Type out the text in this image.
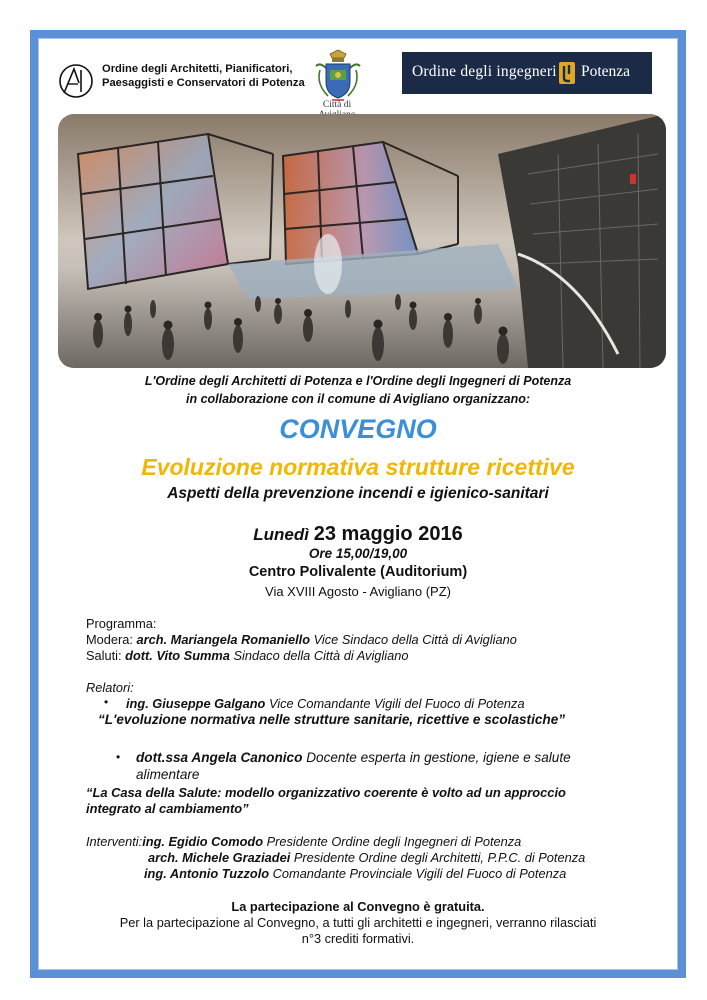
Ordine degli Architetti, Pianificatori,
Paesaggisti e Conservatori di Potenza
Città di
Ordine degli ingegneri Potenza
L'Ordine degli Architetti di Potenza e l'Ordine degli Ingegneri di Potenza
in collaborazione con il comune di Avigliano organizzano:
CONVEGNO
Evoluzione normativa strutture ricettive
Aspetti della prevenzione incendi e igienico-sanitari
Lunedì 23 maggio 2016
Ore 15,00/19,00
Centro Polivalente (Auditorium)
Via XVIII Agosto - Avigliano (PZ)
Programma:
Modera: arch. Mariangela Romaniello Vice Sindaco della Città di Avigliano
Saluti: dott. Vito Summa Sindaco della Città di Avigliano
Relatori:
• ing. Giuseppe Galgano Vice Comandante Vigili del Fuoco di Potenza
“L'evoluzione normativa nelle strutture sanitarie, ricettive e scolastiche”
• dott.ssa Angela Canonico Docente esperta in gestione, igiene e salute
alimentare
“La Casa della Salute: modello organizzativo coerente è volto ad un approccio
integrato al cambiamento”
Interventi:ing. Egidio Comodo Presidente Ordine degli Ingegneri di Potenza
arch. Michele Graziadei Presidente Ordine degli Architetti, P.P.C. di Potenza
ing. Antonio Tuzzolo Comandante Provinciale Vigili del Fuoco di Potenza
La partecipazione al Convegno è gratuita.
Per la partecipazione al Convegno, a tutti gli architetti e ingegneri, verranno rilasciati
n°3 crediti formativi.
